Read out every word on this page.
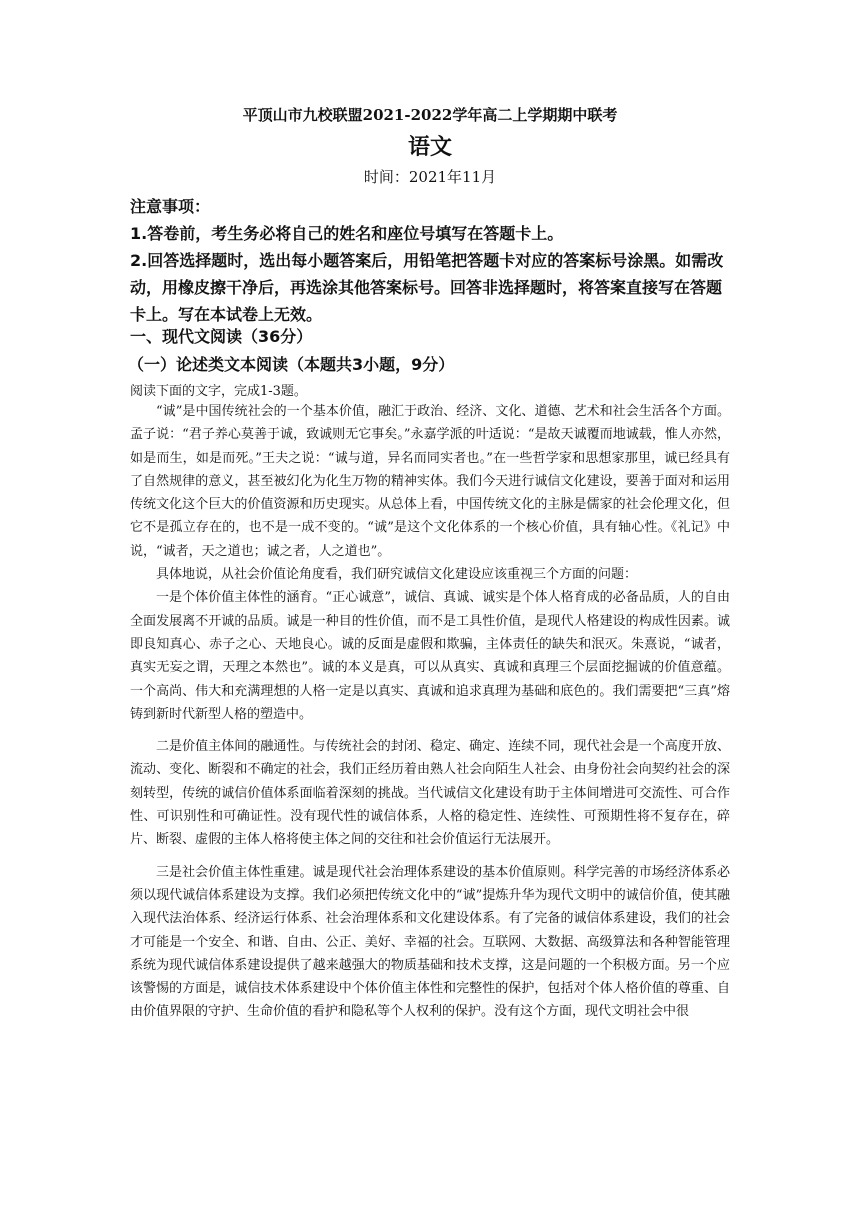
平顶山市九校联盟2021-2022学年高二上学期期中联考
语文
时间：2021年11月

注意事项：

1.答卷前，考生务必将自己的姓名和座位号填写在答题卡上。

2.回答选择题时，选出每小题答案后，用铅笔把答题卡对应的答案标号涂黑。如需改动，用橡皮擦干净后，再选涂其他答案标号。回答非选择题时，将答案直接写在答题卡上。写在本试卷上无效。

一、现代文阅读（36分）
（一）论述类文本阅读（本题共3小题，9分）
阅读下面的文字，完成1-3题。

“诚”是中国传统社会的一个基本价值，融汇于政治、经济、文化、道德、艺术和社会生活各个方面。孟子说：“君子养心莫善于诚，致诚则无它事矣。”永嘉学派的叶适说：“是故天诚覆而地诚载，惟人亦然，如是而生，如是而死。”王夫之说：“诚与道，异名而同实者也。”在一些哲学家和思想家那里，诚已经具有了自然规律的意义，甚至被幻化为化生万物的精神实体。我们今天进行诚信文化建设，要善于面对和运用传统文化这个巨大的价值资源和历史现实。从总体上看，中国传统文化的主脉是儒家的社会伦理文化，但它不是孤立存在的，也不是一成不变的。“诚”是这个文化体系的一个核心价值，具有轴心性。《礼记》中说，“诚者，天之道也；诚之者，人之道也”。

具体地说，从社会价值论角度看，我们研究诚信文化建设应该重视三个方面的问题：

一是个体价值主体性的涵育。“正心诚意”，诚信、真诚、诚实是个体人格育成的必备品质，人的自由全面发展离不开诚的品质。诚是一种目的性价值，而不是工具性价值，是现代人格建设的构成性因素。诚即良知真心、赤子之心、天地良心。诚的反面是虚假和欺骗，主体责任的缺失和泯灭。朱熹说，“诚者，真实无妄之谓，天理之本然也”。诚的本义是真，可以从真实、真诚和真理三个层面挖掘诚的价值意蕴。一个高尚、伟大和充满理想的人格一定是以真实、真诚和追求真理为基础和底色的。我们需要把“三真”熔铸到新时代新型人格的塑造中。

二是价值主体间的融通性。与传统社会的封闭、稳定、确定、连续不同，现代社会是一个高度开放、流动、变化、断裂和不确定的社会，我们正经历着由熟人社会向陌生人社会、由身份社会向契约社会的深刻转型，传统的诚信价值体系面临着深刻的挑战。当代诚信文化建设有助于主体间增进可交流性、可合作性、可识别性和可确证性。没有现代性的诚信体系，人格的稳定性、连续性、可预期性将不复存在，碎片、断裂、虚假的主体人格将使主体之间的交往和社会价值运行无法展开。

三是社会价值主体性重建。诚是现代社会治理体系建设的基本价值原则。科学完善的市场经济体系必须以现代诚信体系建设为支撑。我们必须把传统文化中的“诚”提炼升华为现代文明中的诚信价值，使其融入现代法治体系、经济运行体系、社会治理体系和文化建设体系。有了完备的诚信体系建设，我们的社会才可能是一个安全、和谐、自由、公正、美好、幸福的社会。互联网、大数据、高级算法和各种智能管理系统为现代诚信体系建设提供了越来越强大的物质基础和技术支撑，这是问题的一个积极方面。另一个应该警惕的方面是，诚信技术体系建设中个体价值主体性和完整性的保护，包括对个体人格价值的尊重、自由价值界限的守护、生命价值的看护和隐私等个人权利的保护。没有这个方面，现代文明社会中很
